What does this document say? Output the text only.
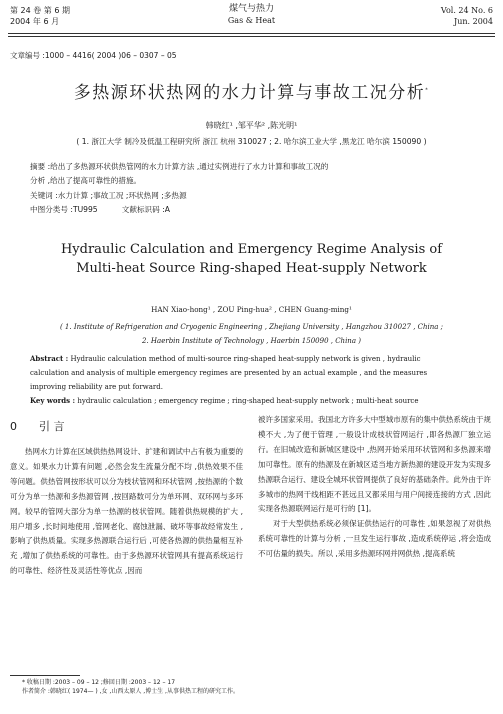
第 24 卷 第 6 期
2004 年 6 月
煤气与热力
Gas & Heat
Vol. 24 No. 6
Jun. 2004
文章编号 :1000 – 4416( 2004 )06 – 0307 – 05
多热源环状热网的水力计算与事故工况分析*
韩晓红¹ ,邹平华² ,陈光明¹
( 1. 浙江大学 制冷及低温工程研究所 浙江 杭州 310027 ; 2. 哈尔滨工业大学 ,黑龙江 哈尔滨 150090 )
摘要 :给出了多热源环状供热管网的水力计算方法 ,通过实例进行了水力计算和事故工况的
分析 ,给出了提高可靠性的措施。
关键词 :水力计算 ;事故工况 ;环状热网 ;多热源
中图分类号 :TU995          文献标识码 :A
Hydraulic Calculation and Emergency Regime Analysis of
Multi-heat Source Ring-shaped Heat-supply Network
HAN Xiao-hong¹ , ZOU Ping-hua² , CHEN Guang-ming¹
( 1. Institute of Refrigeration and Cryogenic Engineering , Zhejiang University , Hangzhou 310027 , China ;
2. Haerbin Institute of Technology , Haerbin 150090 , China )
Abstract : Hydraulic calculation method of multi-source ring-shaped heat-supply network is given , hydraulic
calculation and analysis of multiple emergency regimes are presented by an actual example , and the measures
improving reliability are put forward.
Key words : hydraulic calculation ; emergency regime ; ring-shaped heat-supply network ; multi-heat source
0 引 言

热网水力计算在区域供热热网设计、扩建和调试中占有极为重要的意义。如果水力计算有问题 ,必然会发生流量分配不均 ,供热效果不佳等问题。供热管网按形状可以分为枝状管网和环状管网 ,按热源的个数可分为单一热源和多热源管网 ,按回路数可分为单环网、双环网与多环网。较早的管网大部分为单一热源的枝状管网。随着供热规模的扩大 ,用户增多 ,长时间地使用 ,管网老化、腐蚀泄漏、破坏等事故经常发生 ,影响了供热质量。实现多热源联合运行后 ,可使各热源的供热量相互补充 ,增加了供热系统的可靠性。由于多热源环状管网具有提高系统运行的可靠性、经济性及灵活性等优点 ,因而

被许多国家采用。我国北方许多大中型城市原有的集中供热系统由于规模不大 ,为了便于管理 ,一般设计成枝状管网运行 ,即各热源厂独立运行。在旧城改造和新城区建设中 ,热网开始采用环状管网和多热源来增加可靠性。原有的热源及在新城区适当地方新热源的建设开发为实现多热源联合运行、建设全城环状管网提供了良好的基础条件。此外由于许多城市的热网干线相距不甚远且又都采用与用户间接连接的方式 ,因此实现各热源联网运行是可行的 [1]。

对于大型供热系统必须保证供热运行的可靠性 ,如果忽视了对供热系统可靠性的计算与分析 ,一旦发生运行事故 ,造成系统停运 ,将会造成不可估量的损失。所以 ,采用多热源环网并网供热 ,提高系统

* 收稿日期 :2003 – 09 – 12 ;修回日期 :2003 – 12 – 17
作者简介 :韩晓红( 1974— ) ,女 ,山西太原人 ,博士生 ,从事供热工程的研究工作。
